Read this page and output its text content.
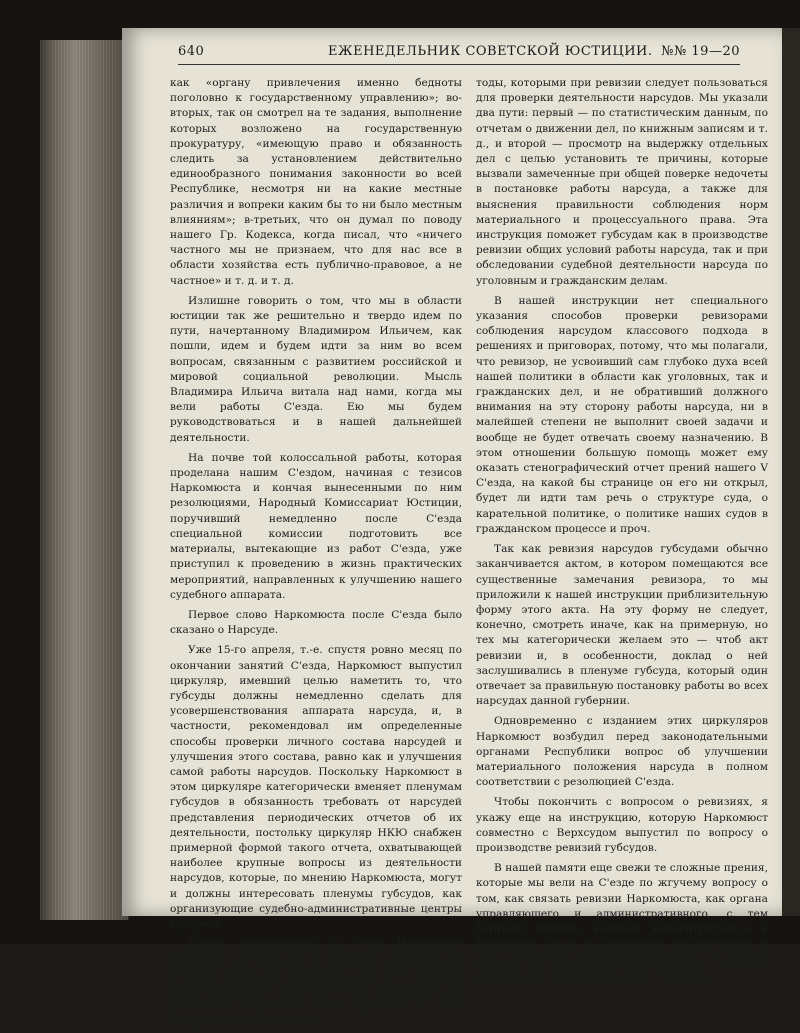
640	ЕЖЕНЕДЕЛЬНИК СОВЕТСКОЙ ЮСТИЦИИ. №№ 19—20

как «органу привлечения именно бедноты поголовно к государственному управлению»; во-вторых, так он смотрел на те задания, выполнение которых возложено на государственную прокуратуру, «имеющую право и обязанность следить за установлением действительно единообразного понимания законности во всей Республике, несмотря ни на какие местные различия и вопреки каким бы то ни было местным влияниям»; в-третьих, что он думал по поводу нашего Гр. Кодекса, когда писал, что «ничего частного мы не признаем, что для нас все в области хозяйства есть публично-правовое, а не частное» и т. д. и т. д.

Излишне говорить о том, что мы в области юстиции так же решительно и твердо идем по пути, начертанному Владимиром Ильичем, как пошли, идем и будем идти за ним во всем вопросам, связанным с развитием российской и мировой социальной революции. Мысль Владимира Ильича витала над нами, когда мы вели работы С'езда. Ею мы будем руководствоваться и в нашей дальнейшей деятельности.

На почве той колоссальной работы, которая проделана нашим С'ездом, начиная с тезисов Наркомюста и кончая вынесенными по ним резолюциями, Народный Комиссариат Юстиции, поручивший немедленно после С'езда специальной комиссии подготовить все материалы, вытекающие из работ С'езда, уже приступил к проведению в жизнь практических мероприятий, направленных к улучшению нашего судебного аппарата.

Первое слово Наркомюста после С'езда было сказано о Нарсуде.

Уже 15-го апреля, т.-е. спустя ровно месяц по окончании занятий С'езда, Наркомюст выпустил циркуляр, имевший целью наметить то, что губсуды должны немедленно сделать для усовершенствования аппарата нарсуда, и, в частности, рекомендовал им определенные способы проверки личного состава нарсудей и улучшения этого состава, равно как и улучшения самой работы нарсудов. Поскольку Наркомюст в этом циркуляре категорически вменяет пленумам губсудов в обязанность требовать от нарсудей представления периодических отчетов об их деятельности, постольку циркуляр НКЮ снабжен примерной формой такого отчета, охватывающей наиболее крупные вопросы из деятельности нарсудов, которые, по мнению Наркомюста, могут и должны интересовать пленумы губсудов, как организующие судебно-административные центры губернии.

Почти одновременно с этим Наркомюст выпустил инструкцию о порядке производства ревизий нарсудов губсудами. Мы все помним, какое громадное значение С'езд придавал этим ревизиям. Наркомюст счел нужным в этой инструкции указать те ме-

тоды, которыми при ревизии следует пользоваться для проверки деятельности нарсудов. Мы указали два пути: первый — по статистическим данным, по отчетам о движении дел, по книжным записям и т. д., и второй — просмотр на выдержку отдельных дел с целью установить те причины, которые вызвали замеченные при общей поверке недочеты в постановке работы нарсуда, а также для выяснения правильности соблюдения норм материального и процессуального права. Эта инструкция поможет губсудам как в производстве ревизии общих условий работы нарсуда, так и при обследовании судебной деятельности нарсуда по уголовным и гражданским делам.

В нашей инструкции нет специального указания способов проверки ревизорами соблюдения нарсудом классового подхода в решениях и приговорах, потому, что мы полагали, что ревизор, не усвоивший сам глубоко духа всей нашей политики в области как уголовных, так и гражданских дел, и не обративший должного внимания на эту сторону работы нарсуда, ни в малейшей степени не выполнит своей задачи и вообще не будет отвечать своему назначению. В этом отношении большую помощь может ему оказать стенографический отчет прений нашего V С'езда, на какой бы странице он его ни открыл, будет ли идти там речь о структуре суда, о карательной политике, о политике наших судов в гражданском процессе и проч.

Так как ревизия нарсудов губсудами обычно заканчивается актом, в котором помещаются все существенные замечания ревизора, то мы приложили к нашей инструкции приблизительную форму этого акта. На эту форму не следует, конечно, смотреть иначе, как на примерную, но тех мы категорически желаем это — чтоб акт ревизии и, в особенности, доклад о ней заслушивались в пленуме губсуда, который один отвечает за правильную постановку работы во всех нарсудах данной губернии.

Одновременно с изданием этих циркуляров Наркомюст возбудил перед законодательными органами Республики вопрос об улучшении материального положения нарсуда в полном соответствии с резолюцией С'езда.

Чтобы покончить с вопросом о ревизиях, я укажу еще на инструкцию, которую Наркомюст совместно с Верхсудом выпустил по вопросу о производстве ревизий губсудов.

В нашей памяти еще свежи те сложные прения, которые мы вели на С'езде по жгучему вопросу о том, как связать ревизии Наркомюста, как органа управляющего и административного, с тем богатым опытом, который концентрируется в Верховном Суде на основании рассмотрения в порядке кассационного обжалования и в порядке надзора приговоров и решений губсудов.
